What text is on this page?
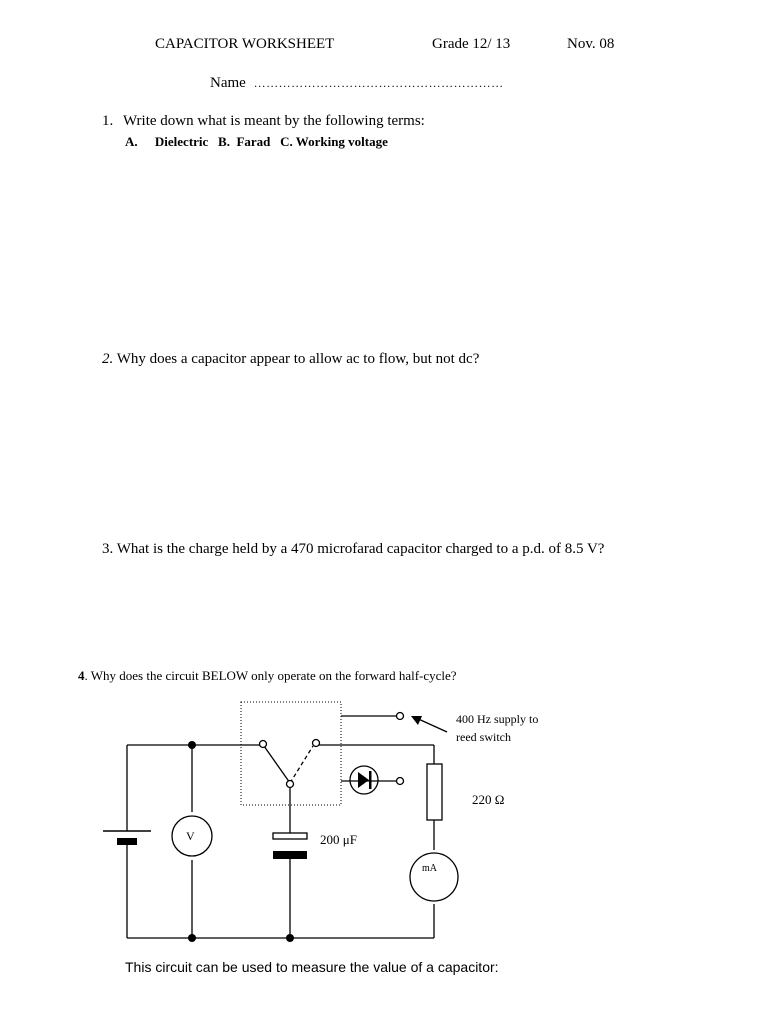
CAPACITOR WORKSHEET	Grade 12/ 13	Nov. 08
Name ……………………………………………………
1. Write down what is meant by the following terms:
A. Dielectric   B.  Farad   C. Working voltage
2. Why does a capacitor appear to allow ac to flow, but not dc?
3. What is the charge held by a 470 microfarad capacitor charged to a p.d. of 8.5 V?
4. Why does the circuit BELOW only operate on the forward half-cycle?
V
mA
200 μF
220 Ω
400 Hz supply to
reed switch
This circuit can be used to measure the value of a capacitor:
